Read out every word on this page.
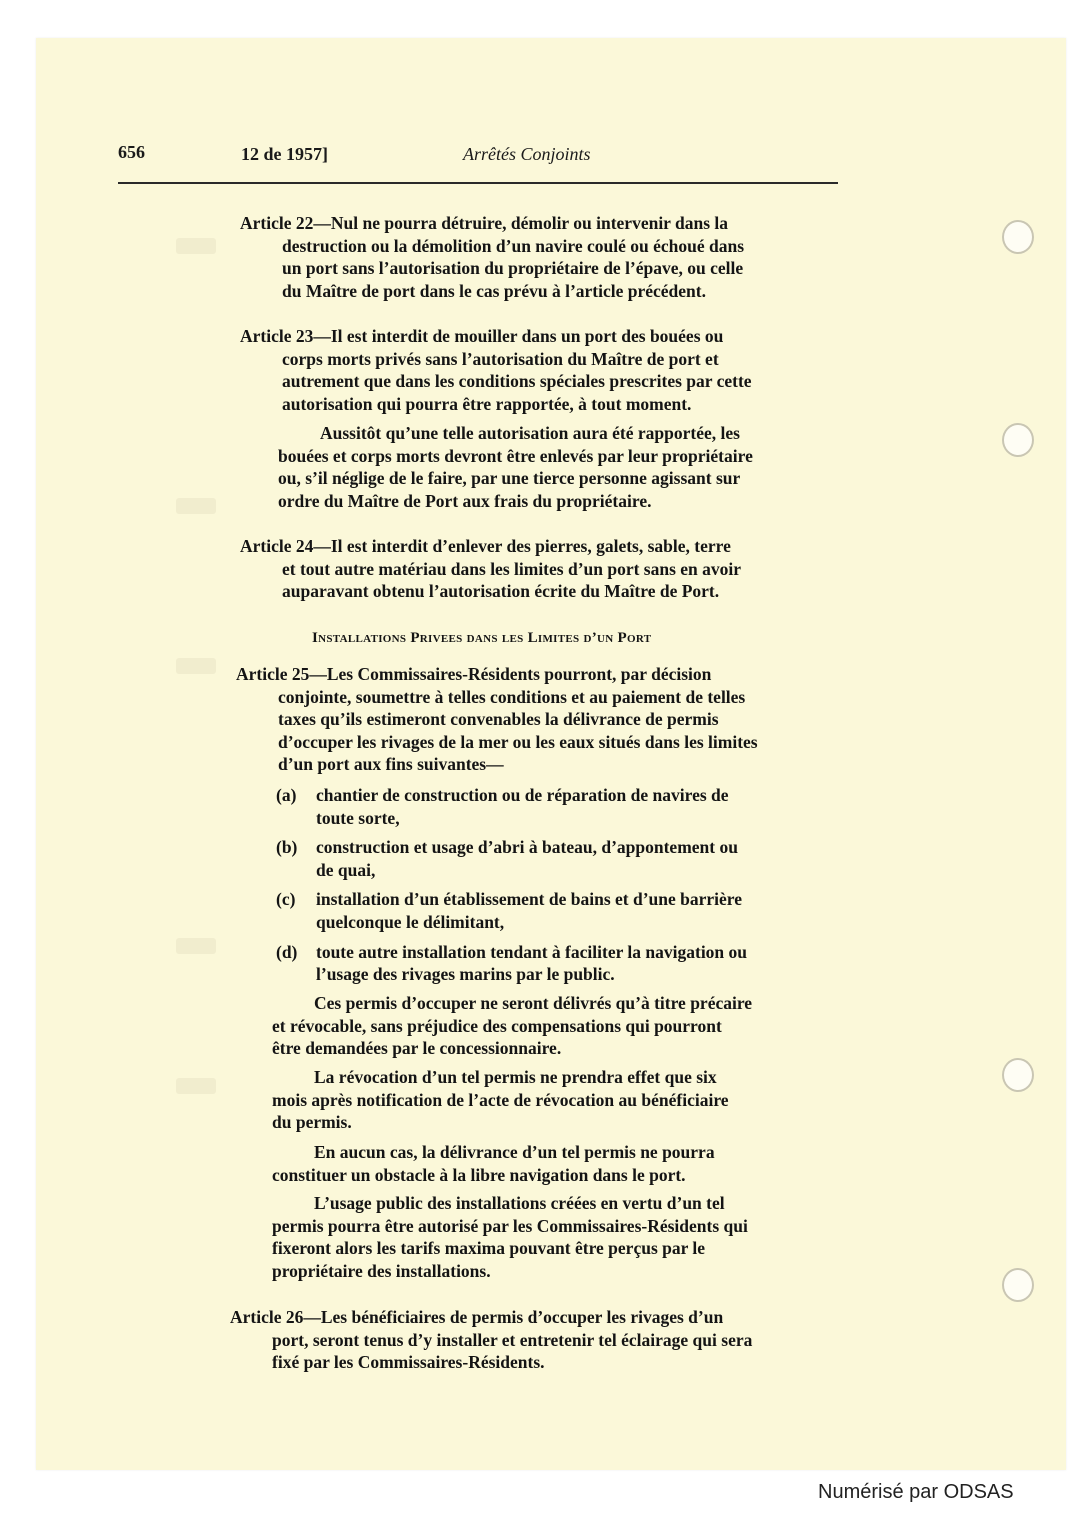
656	12 de 1957]	Arrêtés Conjoints
Article 22—Nul ne pourra détruire, démolir ou intervenir dans la
destruction ou la démolition d’un navire coulé ou échoué dans
un port sans l’autorisation du propriétaire de l’épave, ou celle
du Maître de port dans le cas prévu à l’article précédent.
Article 23—Il est interdit de mouiller dans un port des bouées ou
corps morts privés sans l’autorisation du Maître de port et
autrement que dans les conditions spéciales prescrites par cette
autorisation qui pourra être rapportée, à tout moment.
Aussitôt qu’une telle autorisation aura été rapportée, les
bouées et corps morts devront être enlevés par leur propriétaire
ou, s’il néglige de le faire, par une tierce personne agissant sur
ordre du Maître de Port aux frais du propriétaire.
Article 24—Il est interdit d’enlever des pierres, galets, sable, terre
et tout autre matériau dans les limites d’un port sans en avoir
auparavant obtenu l’autorisation écrite du Maître de Port.
Installations Privees dans les Limites d’un Port
Article 25—Les Commissaires-Résidents pourront, par décision
conjointe, soumettre à telles conditions et au paiement de telles
taxes qu’ils estimeront convenables la délivrance de permis
d’occuper les rivages de la mer ou les eaux situés dans les limites
d’un port aux fins suivantes—
(a) chantier de construction ou de réparation de navires de
toute sorte,
(b) construction et usage d’abri à bateau, d’appontement ou
de quai,
(c) installation d’un établissement de bains et d’une barrière
quelconque le délimitant,
(d) toute autre installation tendant à faciliter la navigation ou
l’usage des rivages marins par le public.
Ces permis d’occuper ne seront délivrés qu’à titre précaire
et révocable, sans préjudice des compensations qui pourront
être demandées par le concessionnaire.
La révocation d’un tel permis ne prendra effet que six
mois après notification de l’acte de révocation au bénéficiaire
du permis.
En aucun cas, la délivrance d’un tel permis ne pourra
constituer un obstacle à la libre navigation dans le port.
L’usage public des installations créées en vertu d’un tel
permis pourra être autorisé par les Commissaires-Résidents qui
fixeront alors les tarifs maxima pouvant être perçus par le
propriétaire des installations.
Article 26—Les bénéficiaires de permis d’occuper les rivages d’un
port, seront tenus d’y installer et entretenir tel éclairage qui sera
fixé par les Commissaires-Résidents.
Numérisé par ODSAS
